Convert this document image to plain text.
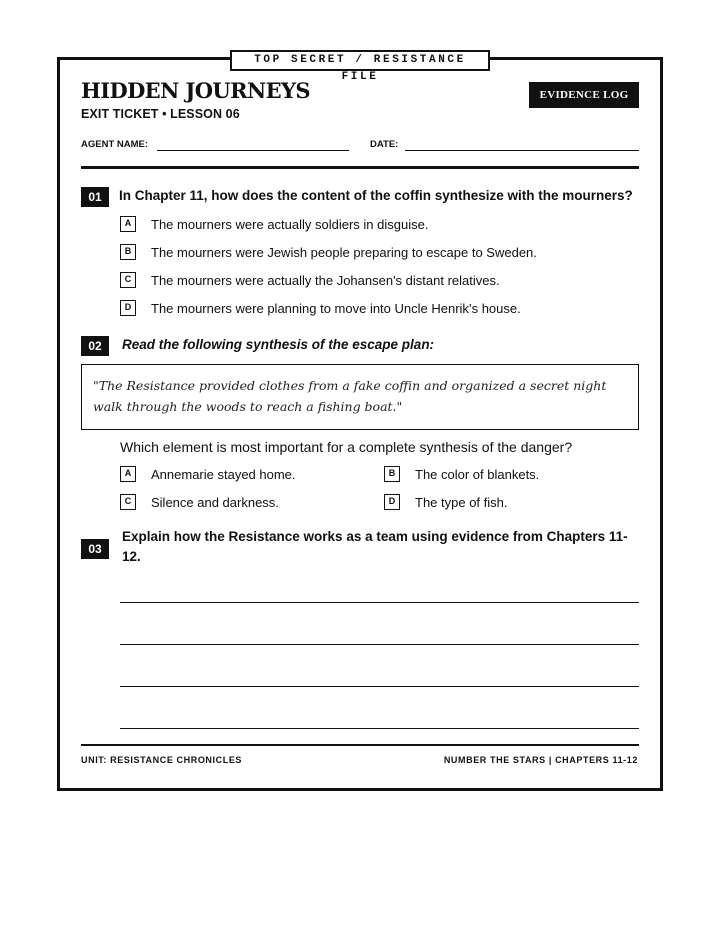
TOP SECRET / RESISTANCE FILE
HIDDEN JOURNEYS
EXIT TICKET • LESSON 06
EVIDENCE LOG
AGENT NAME:	DATE:
01	In Chapter 11, how does the content of the coffin synthesize with the mourners?
A	The mourners were actually soldiers in disguise.
B	The mourners were Jewish people preparing to escape to Sweden.
C	The mourners were actually the Johansen's distant relatives.
D	The mourners were planning to move into Uncle Henrik’s house.
02	Read the following synthesis of the escape plan:
"The Resistance provided clothes from a fake coffin and organized a secret night walk through the woods to reach a fishing boat."
Which element is most important for a complete synthesis of the danger?
A	Annemarie stayed home.	B	The color of blankets.
C	Silence and darkness.	D	The type of fish.
03
Explain how the Resistance works as a team using evidence from Chapters 11-12.
UNIT: RESISTANCE CHRONICLES	NUMBER THE STARS | CHAPTERS 11-12
